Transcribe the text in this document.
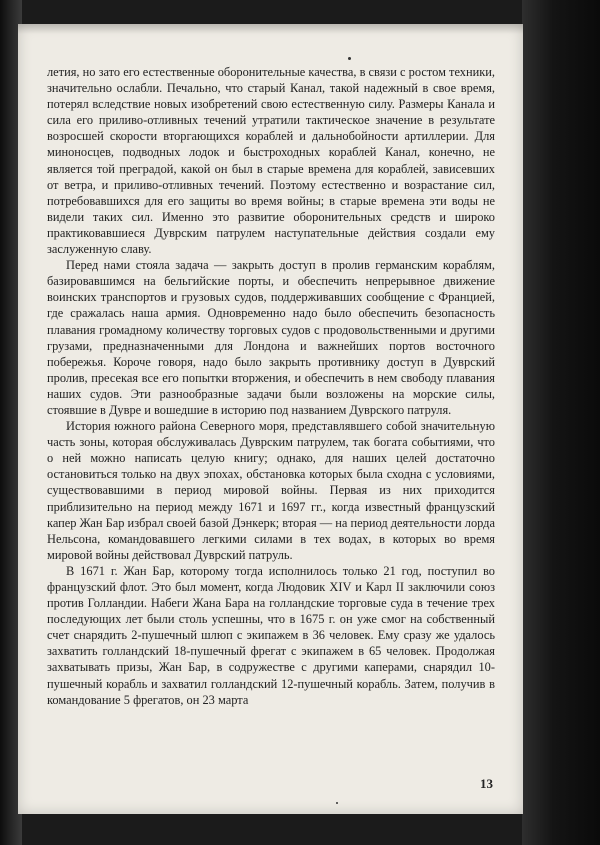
летия, но зато его естественные оборонительные качества, в связи с ростом техники, значительно ослабли. Печально, что старый Канал, такой надежный в свое время, потерял вследствие новых изобретений свою естественную силу. Размеры Канала и сила его приливо-отливных течений утратили тактическое значение в результате возросшей скорости вторгающихся кораблей и дальнобойности артиллерии. Для миноносцев, подводных лодок и быстроходных кораблей Канал, конечно, не является той преградой, какой он был в старые времена для кораблей, зависевших от ветра, и приливо-отливных течений. Поэтому естественно и возрастание сил, потребовавшихся для его защиты во время войны; в старые времена эти воды не видели таких сил. Именно это развитие оборонительных средств и широко практиковавшиеся Дуврским патрулем наступательные действия создали ему заслуженную славу.

Перед нами стояла задача — закрыть доступ в пролив германским кораблям, базировавшимся на бельгийские порты, и обеспечить непрерывное движение воинских транспортов и грузовых судов, поддерживавших сообщение с Францией, где сражалась наша армия. Одновременно надо было обеспечить безопасность плавания громадному количеству торговых судов с продовольственными и другими грузами, предназначенными для Лондона и важнейших портов восточного побережья. Короче говоря, надо было закрыть противнику доступ в Дуврский пролив, пресекая все его попытки вторжения, и обеспечить в нем свободу плавания наших судов. Эти разнообразные задачи были возложены на морские силы, стоявшие в Дувре и вошедшие в историю под названием Дуврского патруля.

История южного района Северного моря, представлявшего собой значительную часть зоны, которая обслуживалась Дуврским патрулем, так богата событиями, что о ней можно написать целую книгу; однако, для наших целей достаточно остановиться только на двух эпохах, обстановка которых была сходна с условиями, существовавшими в период мировой войны. Первая из них приходится приблизительно на период между 1671 и 1697 гг., когда известный французский капер Жан Бар избрал своей базой Дэнкерк; вторая — на период деятельности лорда Нельсона, командовавшего легкими силами в тех водах, в которых во время мировой войны действовал Дуврский патруль.

В 1671 г. Жан Бар, которому тогда исполнилось только 21 год, поступил во французский флот. Это был момент, когда Людовик XIV и Карл II заключили союз против Голландии. Набеги Жана Бара на голландские торговые суда в течение трех последующих лет были столь успешны, что в 1675 г. он уже смог на собственный счет снарядить 2-пушечный шлюп с экипажем в 36 человек. Ему сразу же удалось захватить голландский 18-пушечный фрегат с экипажем в 65 человек. Продолжая захватывать призы, Жан Бар, в содружестве с другими каперами, снарядил 10-пушечный корабль и захватил голландский 12-пушечный корабль. Затем, получив в командование 5 фрегатов, он 23 марта

13
